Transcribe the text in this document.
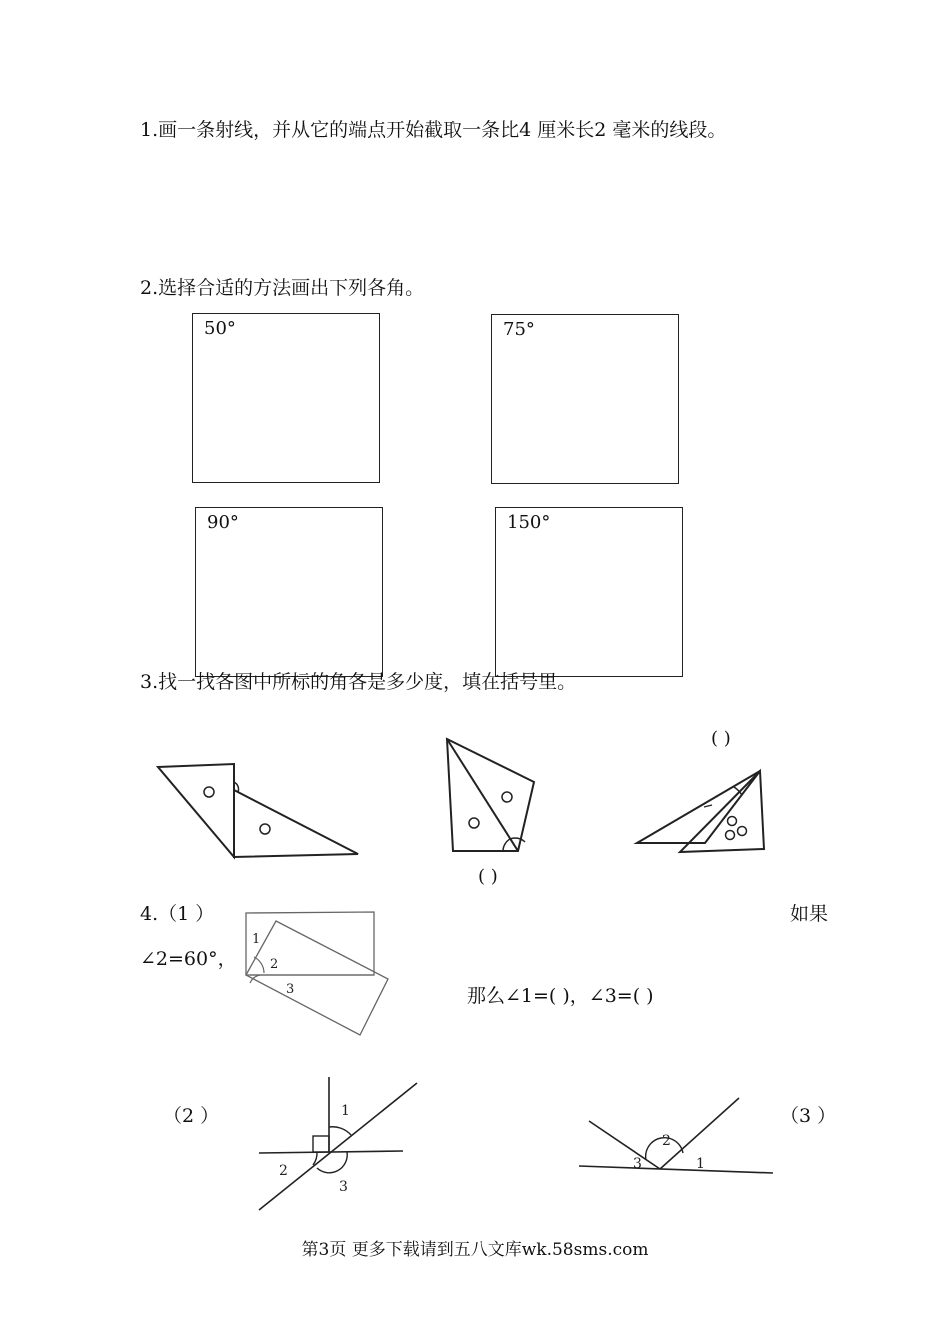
1.画一条射线，并从它的端点开始截取一条比4 厘米长2 毫米的线段。
2.选择合适的方法画出下列各角。
50°	75°
90°	150°
3.找一找各图中所标的角各是多少度，填在括号里。
( )
( )
4.（1 ）	如果
∠2=60°，
那么∠1=( )，∠3=( )
1
2
3
（2 ）	1
2
3
（3 ）
3
2
1
第3页 更多下载请到五八文库wk.58sms.com
